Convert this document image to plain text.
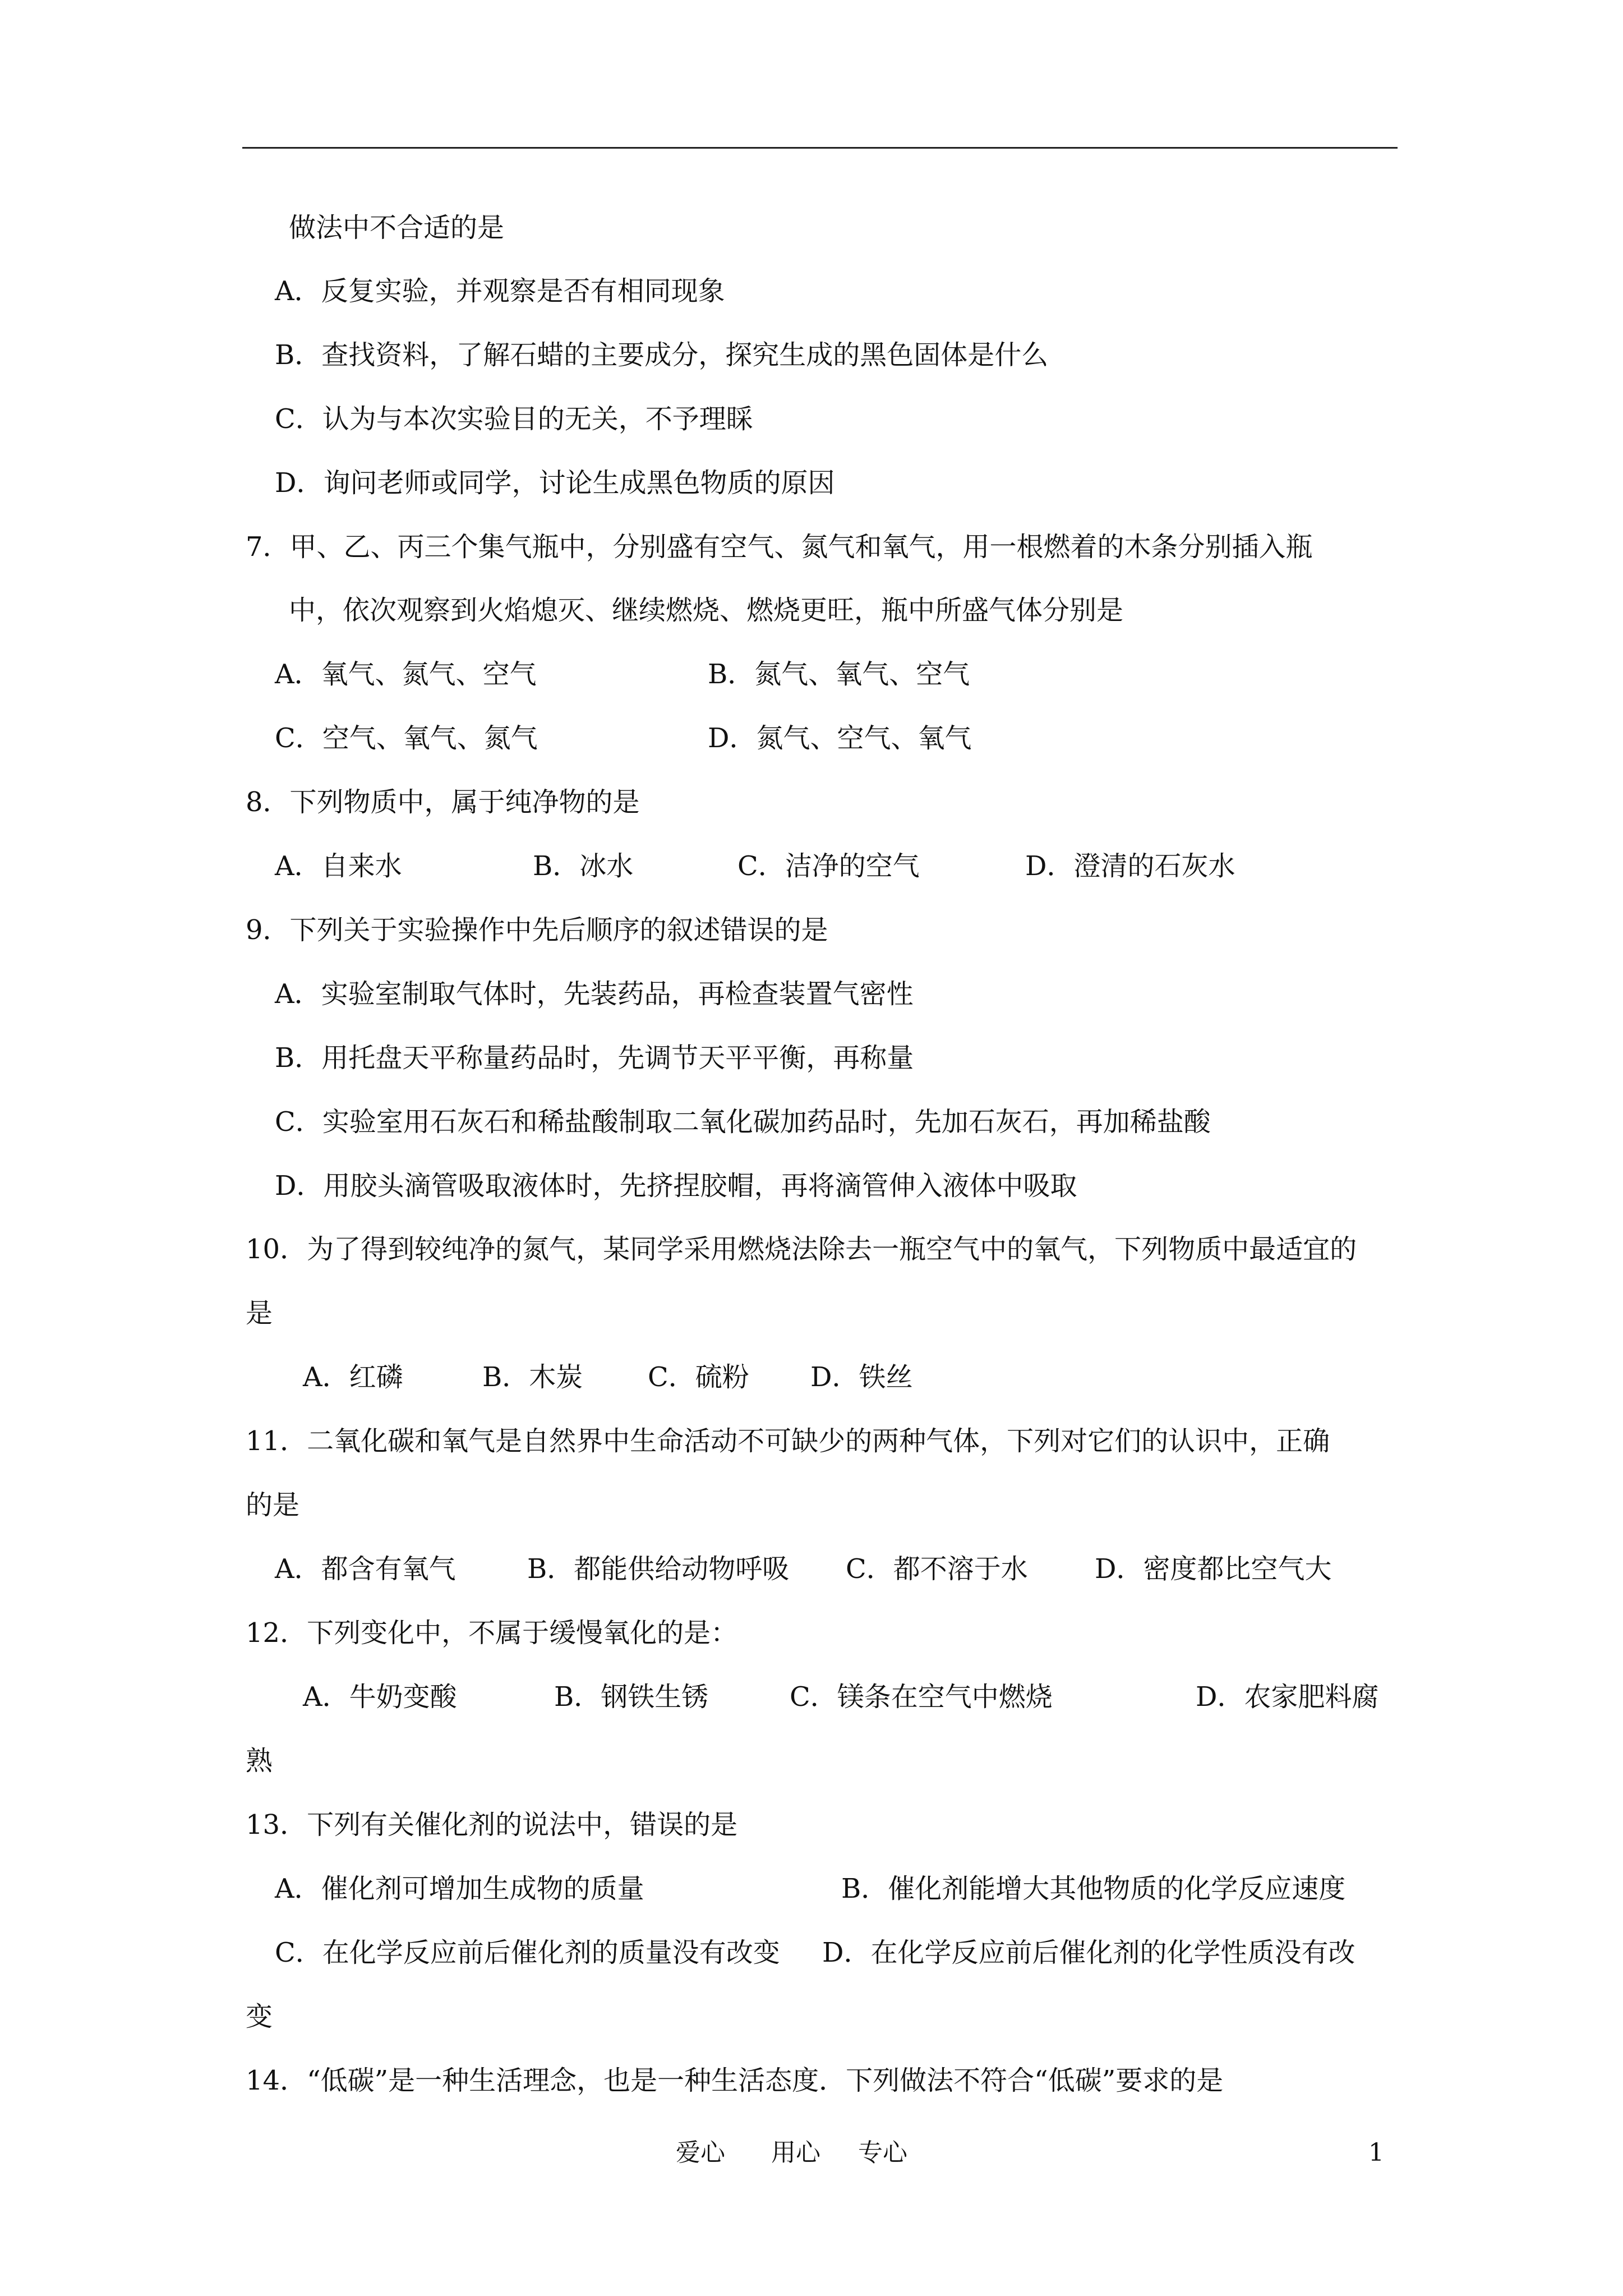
做法中不合适的是
A．反复实验，并观察是否有相同现象
B．查找资料，了解石蜡的主要成分，探究生成的黑色固体是什么
C．认为与本次实验目的无关，不予理睬
D．询问老师或同学，讨论生成黑色物质的原因
7．甲、乙、丙三个集气瓶中，分别盛有空气、氮气和氧气，用一根燃着的木条分别插入瓶
中，依次观察到火焰熄灭、继续燃烧、燃烧更旺，瓶中所盛气体分别是
A．氧气、氮气、空气	B．氮气、氧气、空气
C．空气、氧气、氮气	D．氮气、空气、氧气
8．下列物质中，属于纯净物的是
A．自来水	B．冰水	C．洁净的空气	D．澄清的石灰水
9．下列关于实验操作中先后顺序的叙述错误的是
A．实验室制取气体时，先装药品，再检查装置气密性
B．用托盘天平称量药品时，先调节天平平衡，再称量
C．实验室用石灰石和稀盐酸制取二氧化碳加药品时，先加石灰石，再加稀盐酸
D．用胶头滴管吸取液体时，先挤捏胶帽，再将滴管伸入液体中吸取
10．为了得到较纯净的氮气，某同学采用燃烧法除去一瓶空气中的氧气，下列物质中最适宜的
是
A．红磷	B．木炭 C．硫粉 D．铁丝
11．二氧化碳和氧气是自然界中生命活动不可缺少的两种气体，下列对它们的认识中，正确
的是
A．都含有氧气	B．都能供给动物呼吸 C．都不溶于水 D．密度都比空气大
12．下列变化中，不属于缓慢氧化的是：
A．牛奶变酸	B．钢铁生锈	C．镁条在空气中燃烧	D．农家肥料腐
熟
13．下列有关催化剂的说法中，错误的是
A．催化剂可增加生成物的质量	B．催化剂能增大其他物质的化学反应速度
C．在化学反应前后催化剂的质量没有改变 D．在化学反应前后催化剂的化学性质没有改
变
14．“低碳”是一种生活理念，也是一种生活态度．下列做法不符合“低碳”要求的是
爱心 用心 专心	1
